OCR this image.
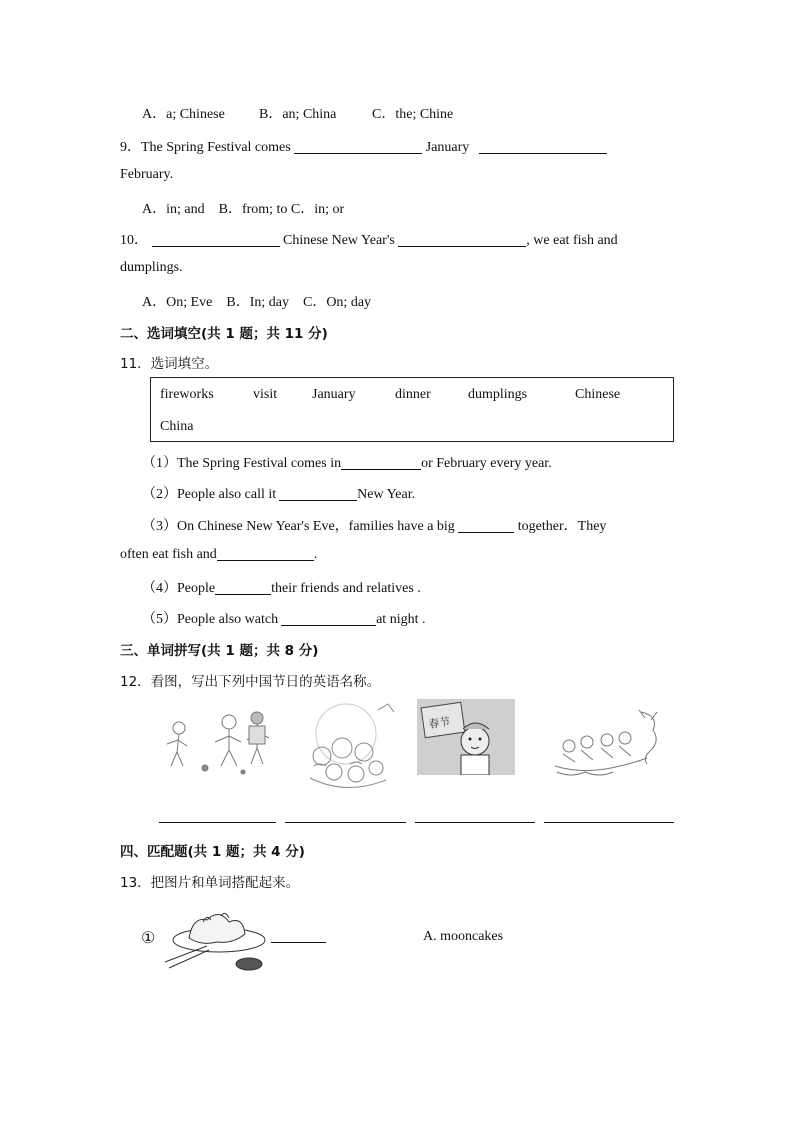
A．a; Chinese B．an; China	C．the; Chine
9．The Spring Festival comes	January
February.
A．in; and　B．from; to C．in; or
10．	Chinese New Year's	, we eat fish and
dumplings.
A．On; Eve　B．In; day　C．On; day
二、选词填空(共 1 题；共 11 分)
11．选词填空。
fireworks	visit January	dinner	dumplings	Chinese
China
（1）The Spring Festival comes in	or February every year.
（2）People also call it	New Year.
（3）On Chinese New Year's Eve，families have a big	together．They
often eat fish and	.
（4）People	their friends and relatives .
（5）People also watch	at night .
三、单词拼写(共 1 题；共 8 分)
12．看图，写出下列中国节日的英语名称。
春节
四、匹配题(共 1 题；共 4 分)
13．把图片和单词搭配起来。
①	A. mooncakes
